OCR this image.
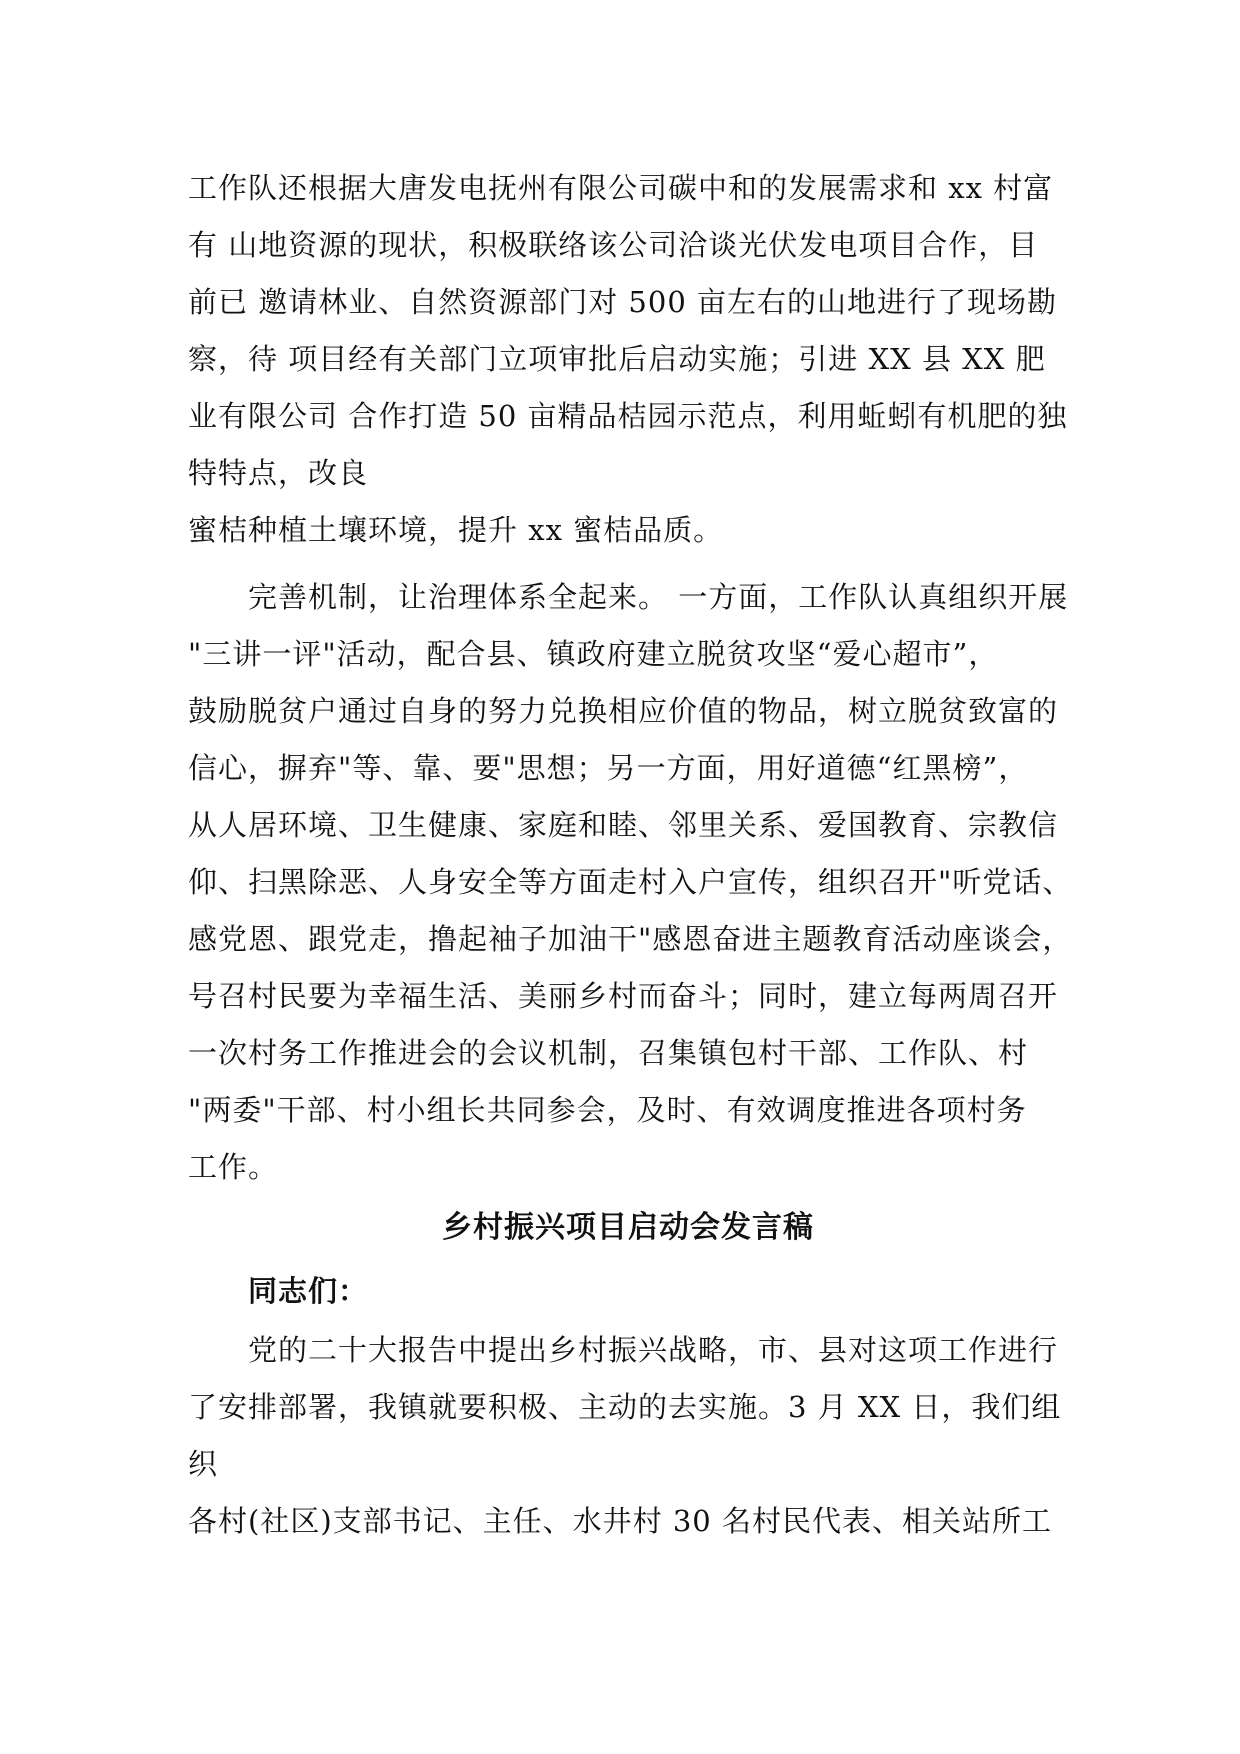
工作队还根据大唐发电抚州有限公司碳中和的发展需求和 xx 村富
有 山地资源的现状，积极联络该公司洽谈光伏发电项目合作，目
前已 邀请林业、自然资源部门对 500 亩左右的山地进行了现场勘
察，待 项目经有关部门立项审批后启动实施；引进 XX 县 XX 肥
业有限公司 合作打造 50 亩精品桔园示范点，利用蚯蚓有机肥的独
特特点，改良
蜜桔种植土壤环境，提升 xx 蜜桔品质。
完善机制，让治理体系全起来。 一方面，工作队认真组织开展
"三讲一评"活动，配合县、镇政府建立脱贫攻坚“爱心超市”，
鼓励脱贫户通过自身的努力兑换相应价值的物品，树立脱贫致富的
信心，摒弃"等、靠、要"思想；另一方面，用好道德“红黑榜”，
从人居环境、卫生健康、家庭和睦、邻里关系、爱国教育、宗教信
仰、扫黑除恶、人身安全等方面走村入户宣传，组织召开"听党话、
感党恩、跟党走，撸起袖子加油干"感恩奋进主题教育活动座谈会，
号召村民要为幸福生活、美丽乡村而奋斗；同时，建立每两周召开
一次村务工作推进会的会议机制，召集镇包村干部、工作队、村
"两委"干部、村小组长共同参会，及时、有效调度推进各项村务
工作。
乡村振兴项目启动会发言稿
同志们：
党的二十大报告中提出乡村振兴战略，市、县对这项工作进行
了安排部署，我镇就要积极、主动的去实施。3 月 XX 日，我们组
织
各村(社区)支部书记、主任、水井村 30 名村民代表、相关站所工
